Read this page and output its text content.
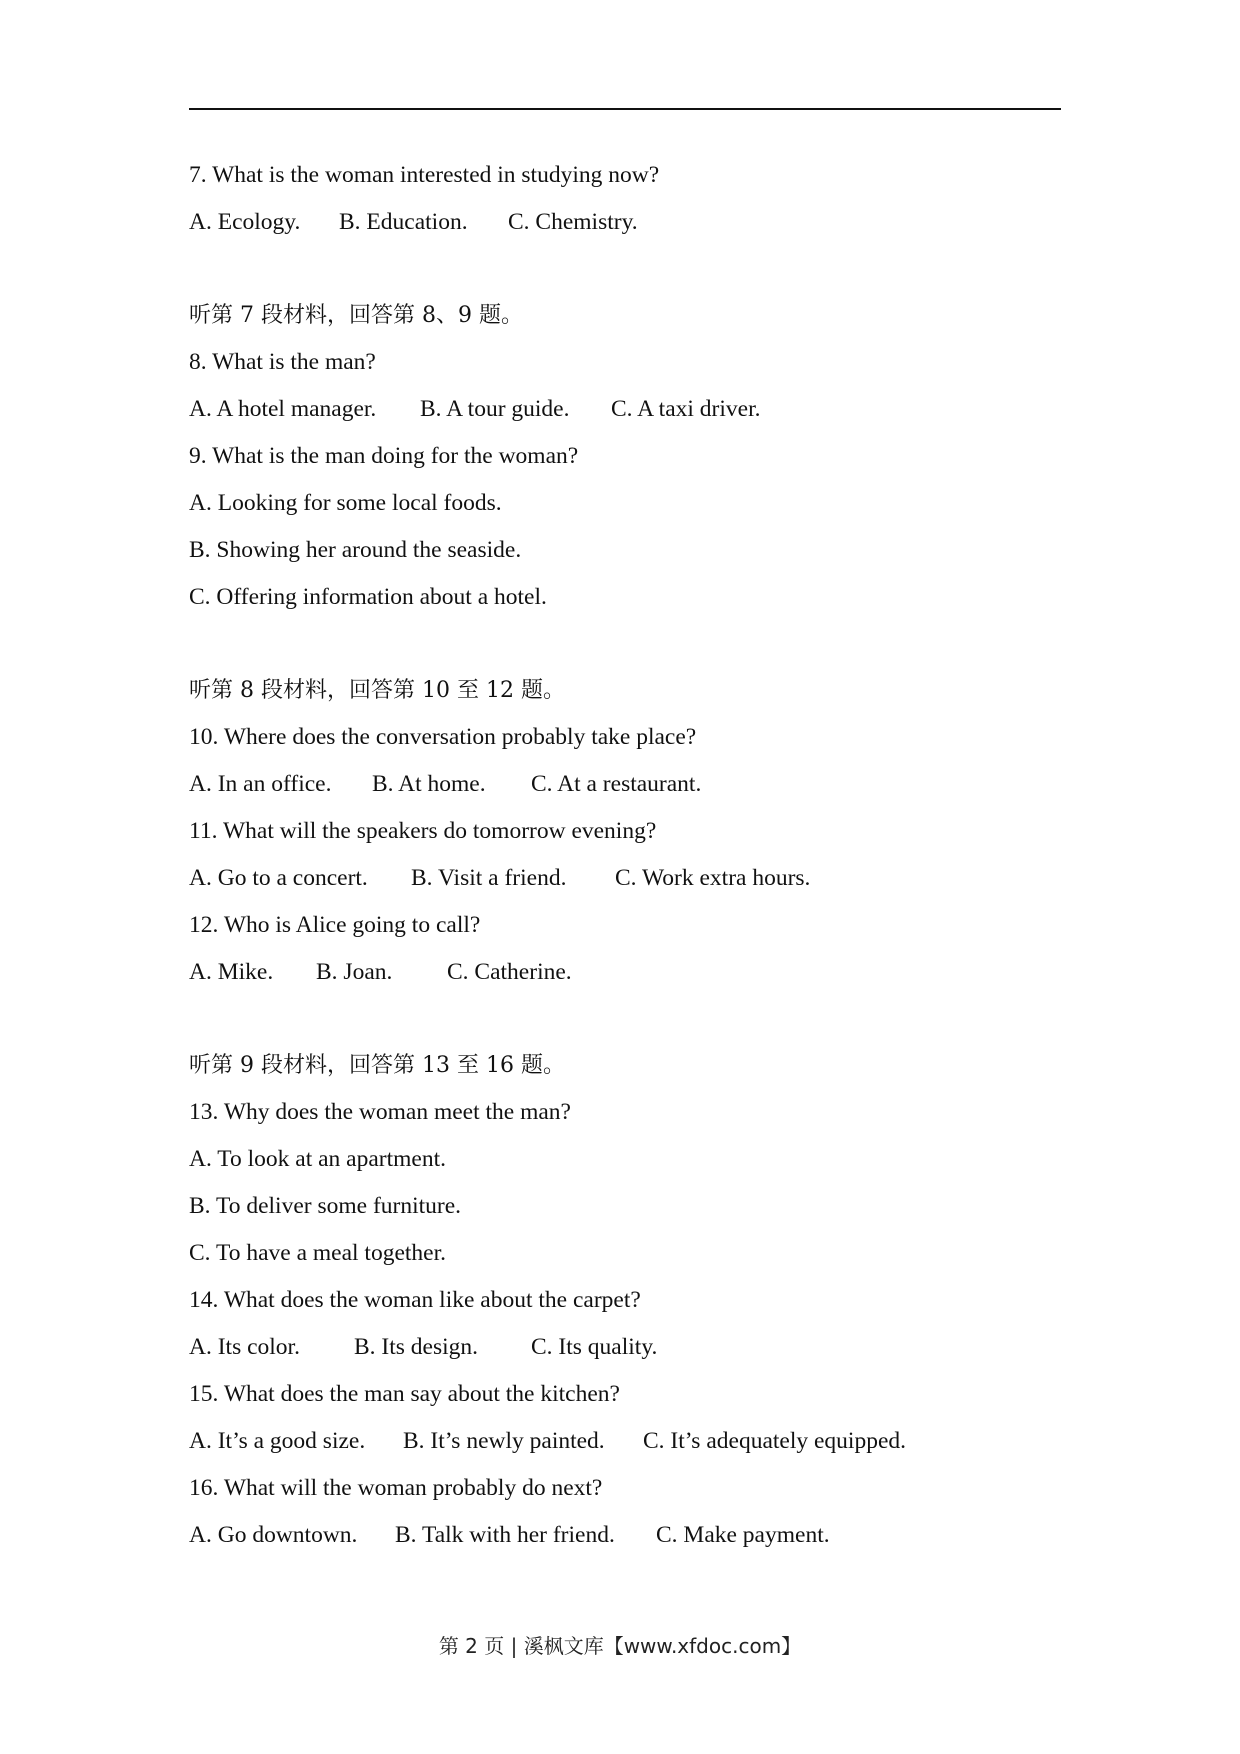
7. What is the woman interested in studying now?
A. Ecology. B. Education. C. Chemistry.
听第 7 段材料，回答第 8、9 题。
8. What is the man?
A. A hotel manager. B. A tour guide. C. A taxi driver.
9. What is the man doing for the woman?
A. Looking for some local foods.
B. Showing her around the seaside.
C. Offering information about a hotel.
听第 8 段材料，回答第 10 至 12 题。
10. Where does the conversation probably take place?
A. In an office. B. At home. C. At a restaurant.
11. What will the speakers do tomorrow evening?
A. Go to a concert. B. Visit a friend. C. Work extra hours.
12. Who is Alice going to call?
A. Mike. B. Joan. C. Catherine.
听第 9 段材料，回答第 13 至 16 题。
13. Why does the woman meet the man?
A. To look at an apartment.
B. To deliver some furniture.
C. To have a meal together.
14. What does the woman like about the carpet?
A. Its color. B. Its design. C. Its quality.
15. What does the man say about the kitchen?
A. It’s a good size. B. It’s newly painted. C. It’s adequately equipped.
16. What will the woman probably do next?
A. Go downtown. B. Talk with her friend. C. Make payment.
第 2 页 | 溪枫文库【www.xfdoc.com】
